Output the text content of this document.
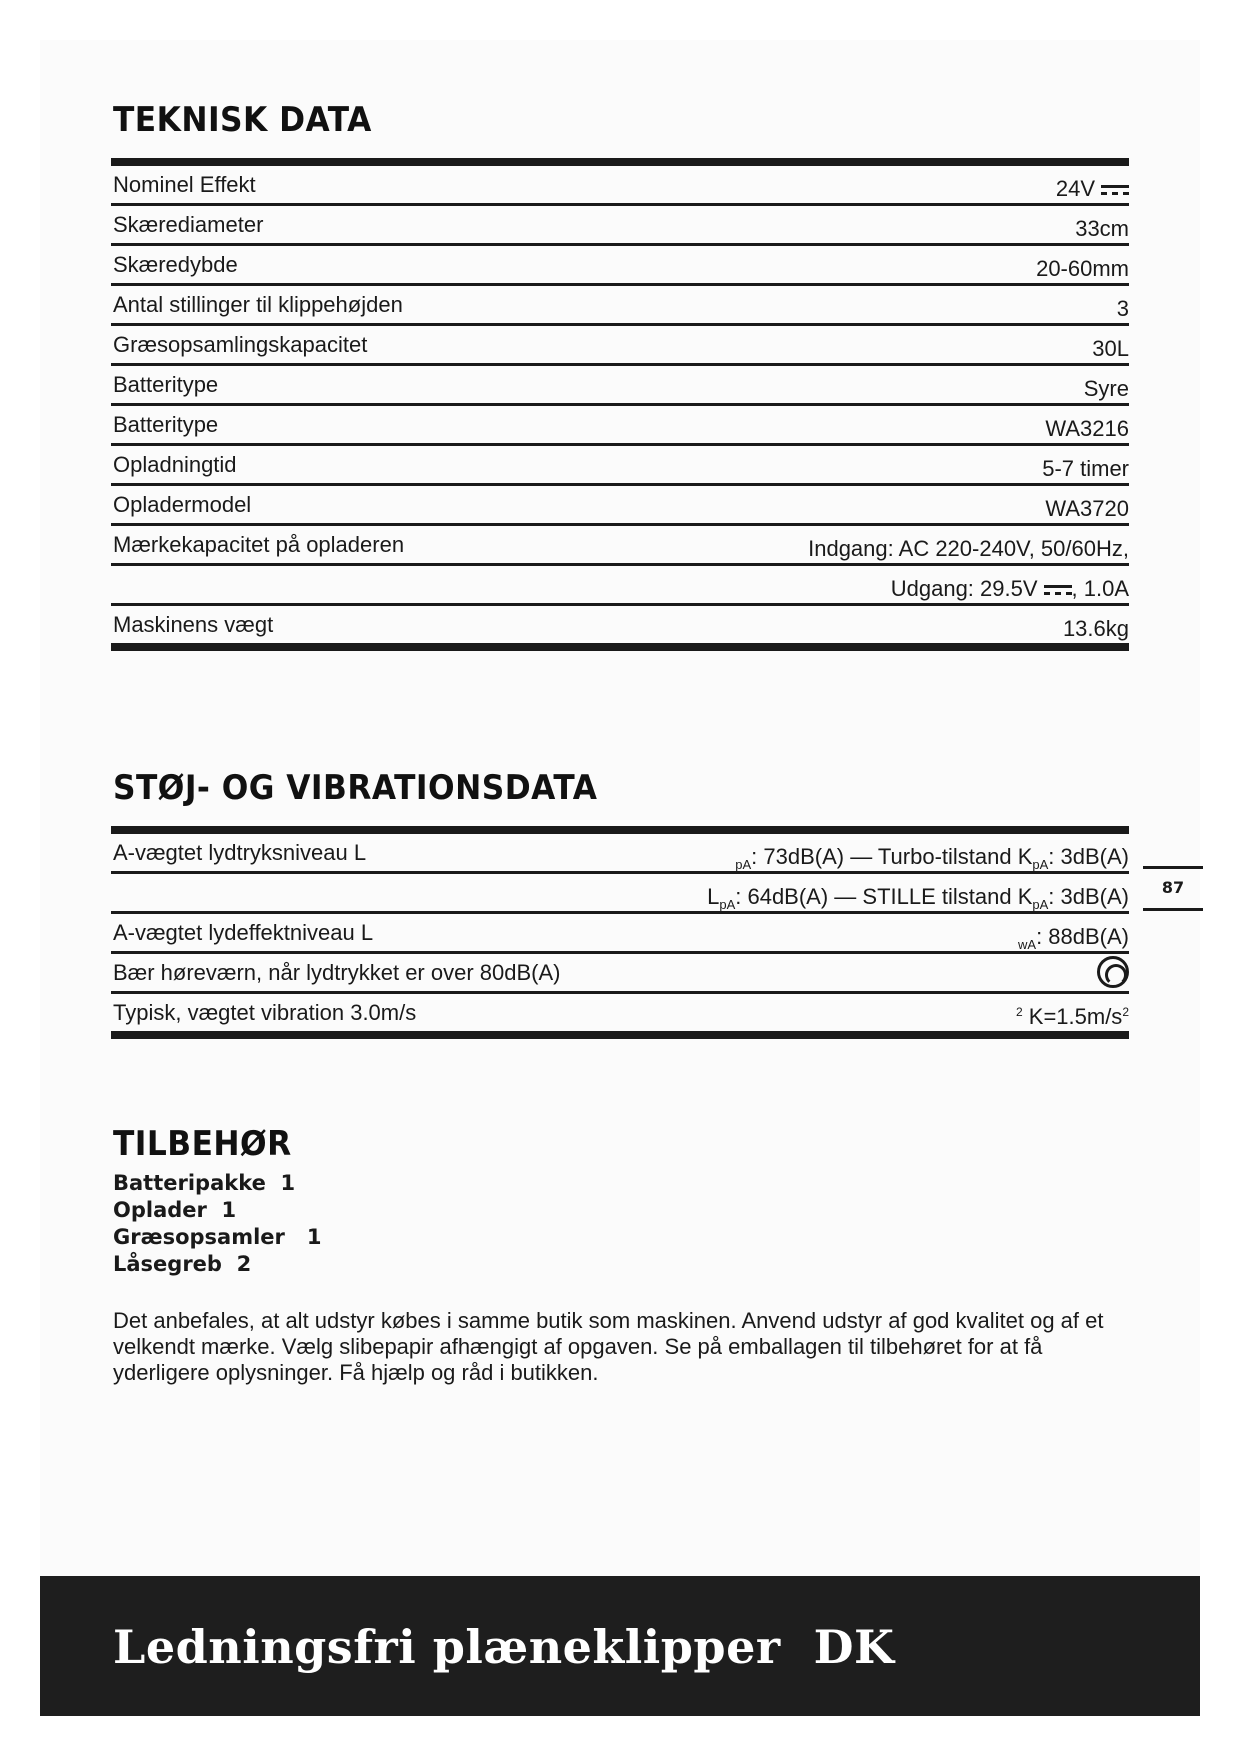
TEKNISK DATA
Nominel Effekt	24V
Skærediameter	33cm
Skæredybde	20-60mm
Antal stillinger til klippehøjden	3
Græsopsamlingskapacitet	30L
Batteritype	Syre
Batteritype	WA3216
Opladningtid	5-7 timer
Opladermodel	WA3720
Mærkekapacitet på opladeren	Indgang: AC 220-240V, 50/60Hz,
Udgang: 29.5V , 1.0A
Maskinens vægt	13.6kg
STØJ- OG VIBRATIONSDATA
A-vægtet lydtryksniveau L	$_{pA}$: 73dB(A) — Turbo-tilstand $K_{pA}$: 3dB(A)
$L_{pA}$: 64dB(A) — STILLE tilstand $K_{pA}$: 3dB(A)
A-vægtet lydeffektniveau L	$_{wA}$: 88dB(A)
Bær høreværn, når lydtrykket er over 80dB(A)
Typisk, vægtet vibration 3.0m/s	$^2$ $K=1.5m/s^2$
87
TILBEHØR
Batteripakke  1
Oplader  1
Græsopsamler   1
Låsegreb  2

Det anbefales, at alt udstyr købes i samme butik som maskinen. Anvend udstyr af god kvalitet og af et velkendt mærke. Vælg slibepapir afhængigt af opgaven. Se på emballagen til tilbehøret for at få yderligere oplysninger. Få hjælp og råd i butikken.

Ledningsfri plæneklipper  DK
